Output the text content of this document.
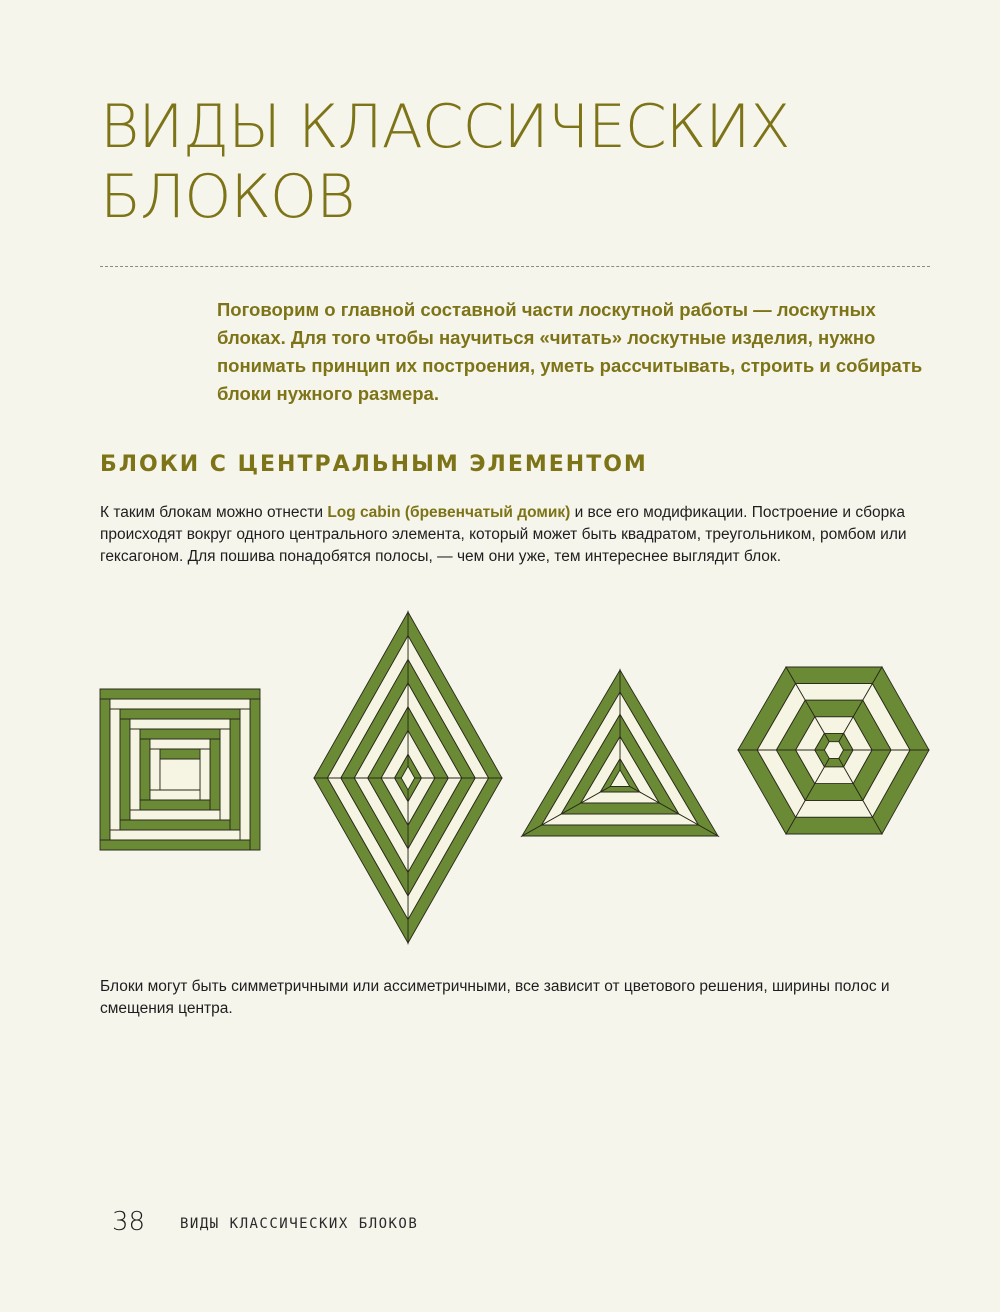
ВИДЫ КЛАССИЧЕСКИХ
БЛОКОВ

Поговорим о главной составной части лоскутной работы — лоскутных блоках. Для того чтобы научиться «читать» лоскутные изделия, нужно понимать принцип их построения, уметь рассчитывать, строить и собирать блоки нужного размера.

БЛОКИ С ЦЕНТРАЛЬНЫМ ЭЛЕМЕНТОМ

К таким блокам можно отнести Log cabin (бревенчатый домик) и все его модификации. Построение и сборка происходят вокруг одного центрального элемента, который может быть квадратом, треугольником, ромбом или гексагоном. Для пошива понадобятся полосы, — чем они уже, тем интереснее выглядит блок.

Блоки могут быть симметричными или ассиметричными, все зависит от цветового решения, ширины полос и смещения центра.

38 ВИДЫ КЛАССИЧЕСКИХ БЛОКОВ
